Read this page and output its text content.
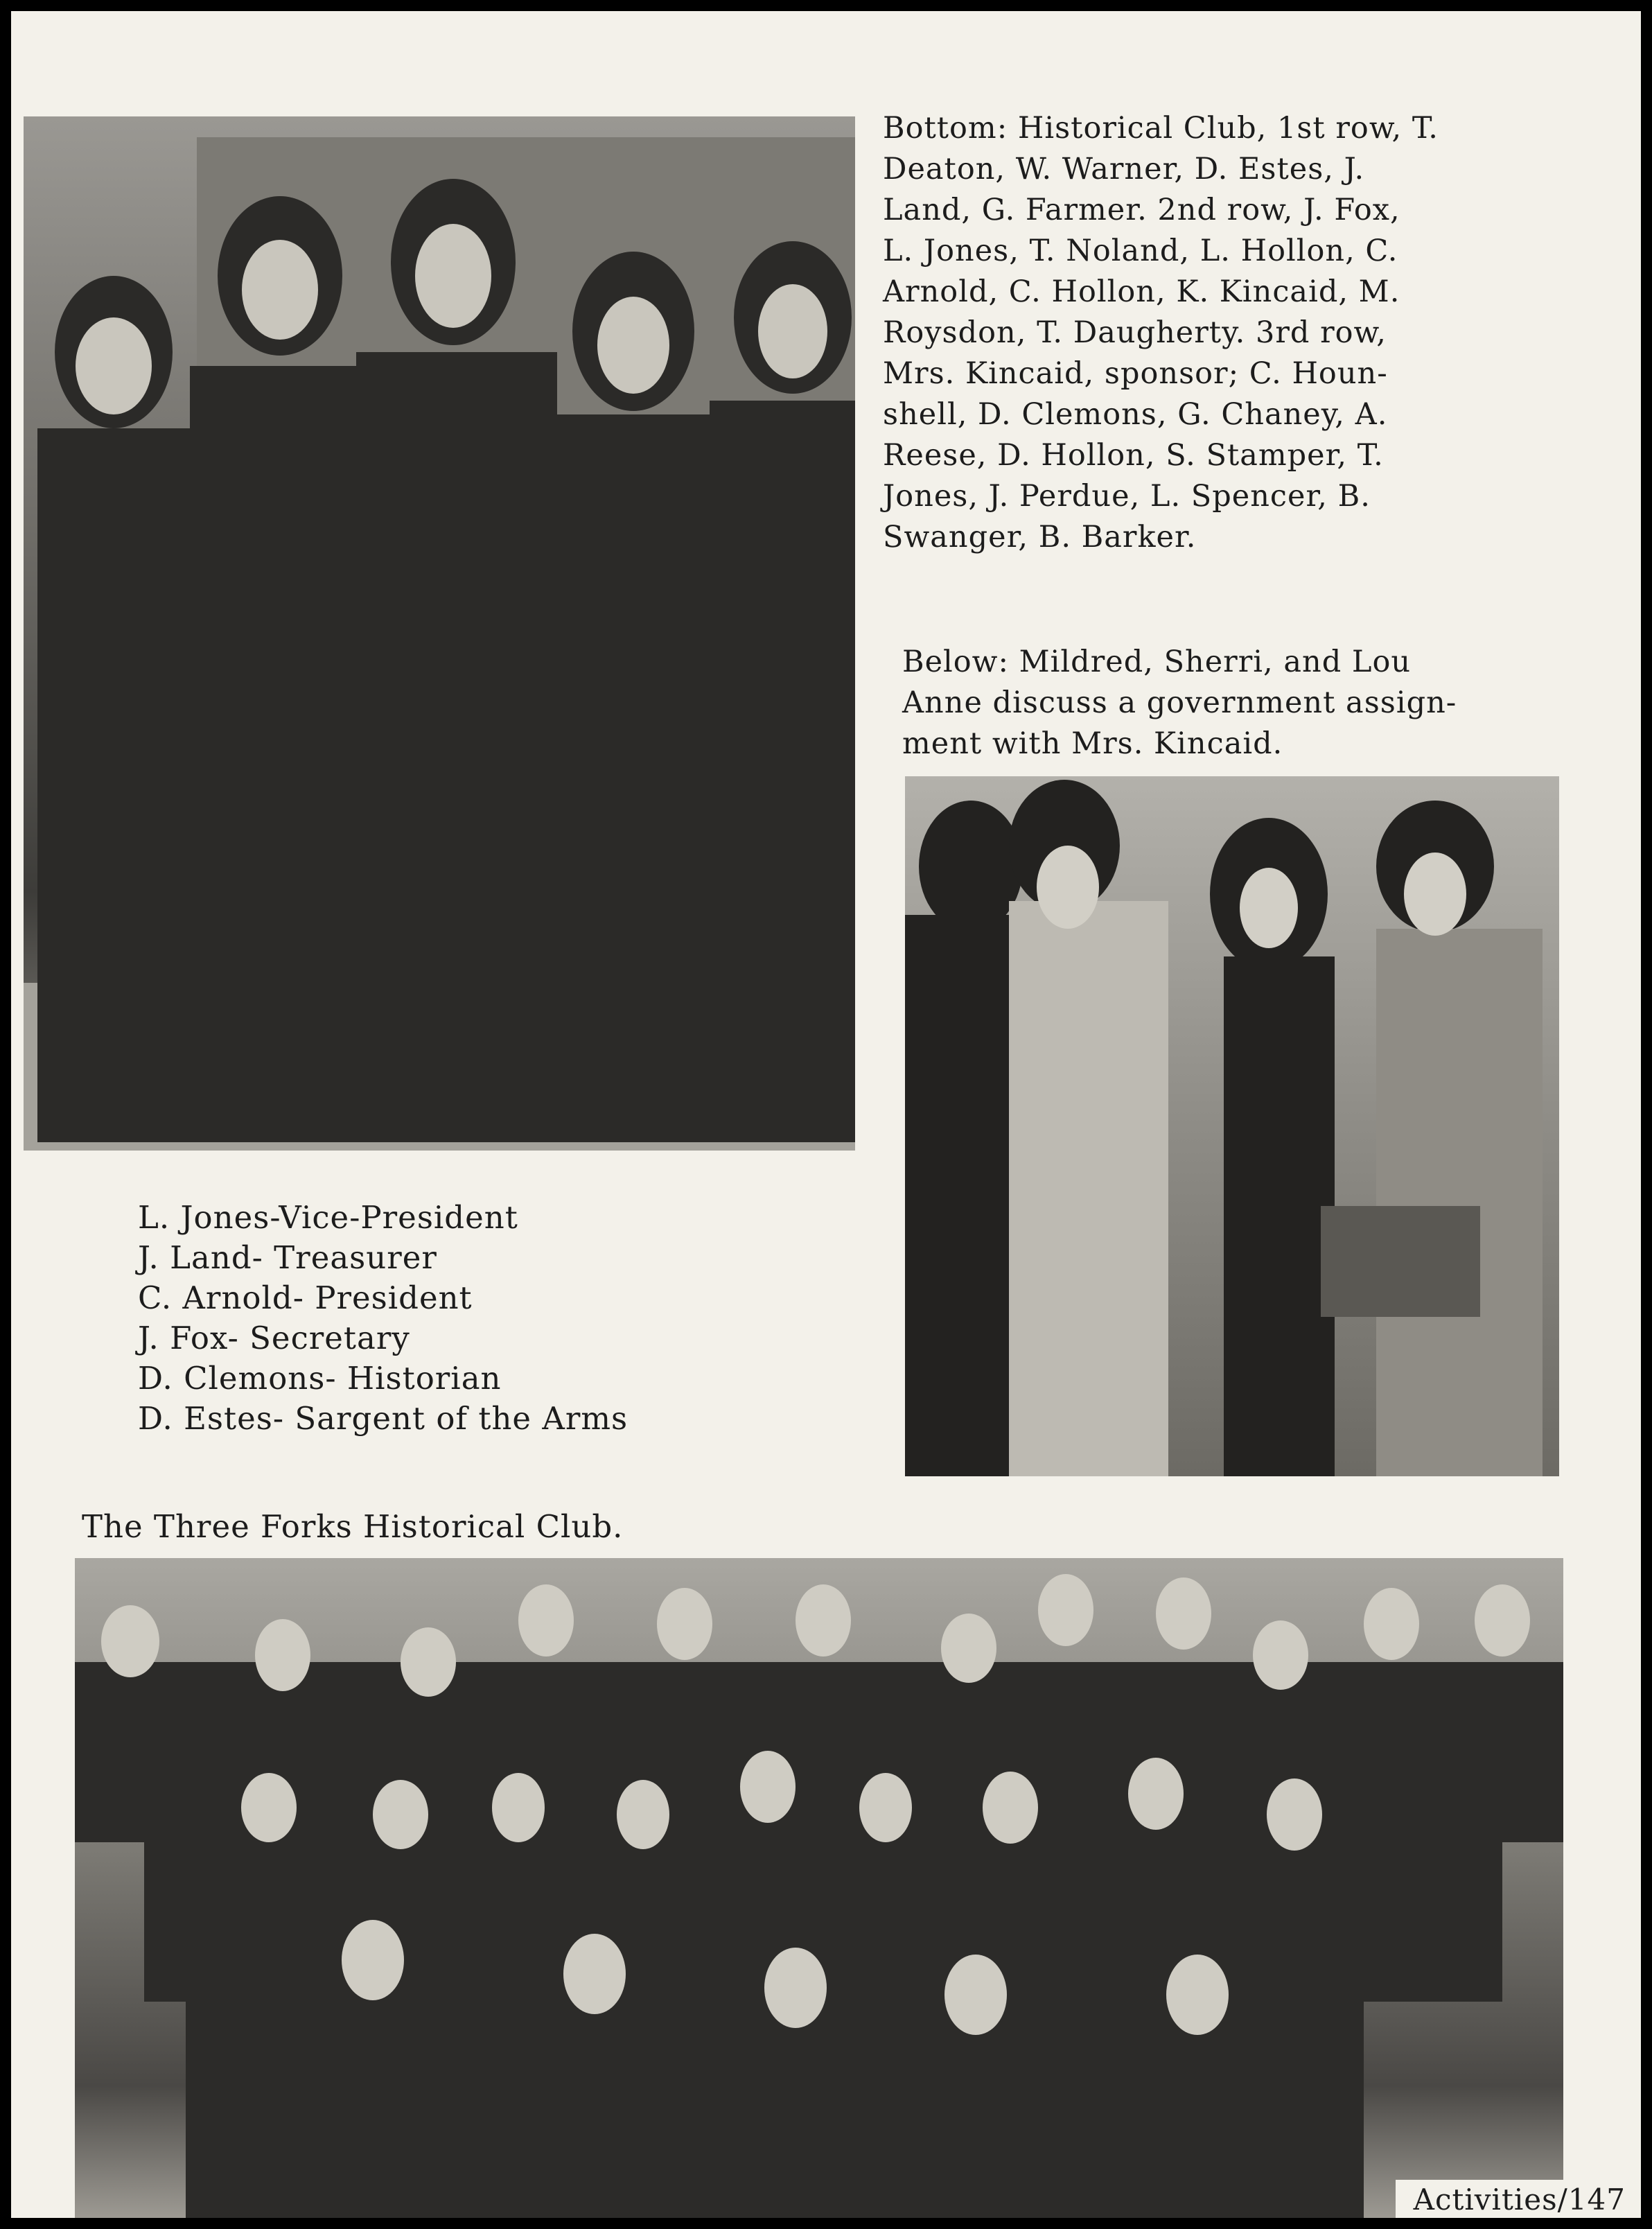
Bottom: Historical Club, 1st row, T.
Deaton, W. Warner, D. Estes, J.
Land, G. Farmer. 2nd row, J. Fox,
L. Jones, T. Noland, L. Hollon, C.
Arnold, C. Hollon, K. Kincaid, M.
Roysdon, T. Daugherty. 3rd row,
Mrs. Kincaid, sponsor; C. Houn-
shell, D. Clemons, G. Chaney, A.
Reese, D. Hollon, S. Stamper, T.
Jones, J. Perdue, L. Spencer, B.
Swanger, B. Barker.
Below: Mildred, Sherri, and Lou
Anne discuss a government assign-
ment with Mrs. Kincaid.
L. Jones-Vice-President
J. Land- Treasurer
C. Arnold- President
J. Fox- Secretary
D. Clemons- Historian
D. Estes- Sargent of the Arms
The Three Forks Historical Club.
Activities/147
